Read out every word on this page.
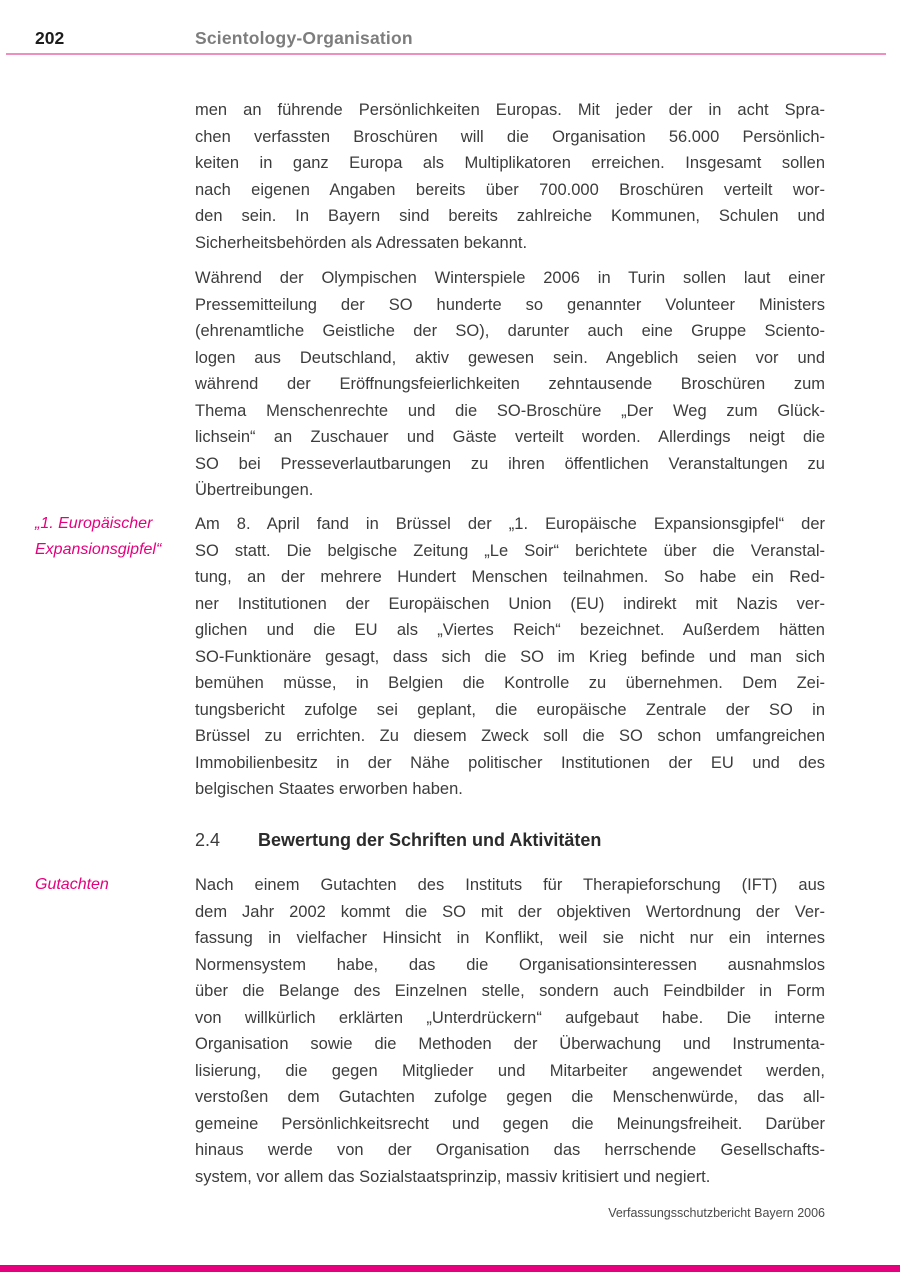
202	Scientology-Organisation
men an führende Persönlichkeiten Europas. Mit jeder der in acht Spra-
chen verfassten Broschüren will die Organisation 56.000 Persönlich-
keiten in ganz Europa als Multiplikatoren erreichen. Insgesamt sollen
nach eigenen Angaben bereits über 700.000 Broschüren verteilt wor-
den sein. In Bayern sind bereits zahlreiche Kommunen, Schulen und
Sicherheitsbehörden als Adressaten bekannt.
Während der Olympischen Winterspiele 2006 in Turin sollen laut einer
Pressemitteilung der SO hunderte so genannter Volunteer Ministers
(ehrenamtliche Geistliche der SO), darunter auch eine Gruppe Sciento-
logen aus Deutschland, aktiv gewesen sein. Angeblich seien vor und
während der Eröffnungsfeierlichkeiten zehntausende Broschüren zum
Thema Menschenrechte und die SO-Broschüre „Der Weg zum Glück-
lichsein“ an Zuschauer und Gäste verteilt worden. Allerdings neigt die
SO bei Presseverlautbarungen zu ihren öffentlichen Veranstaltungen zu
Übertreibungen.
„1. Europäischer
Expansionsgipfel“
Am 8. April fand in Brüssel der „1. Europäische Expansionsgipfel“ der
SO statt. Die belgische Zeitung „Le Soir“ berichtete über die Veranstal-
tung, an der mehrere Hundert Menschen teilnahmen. So habe ein Red-
ner Institutionen der Europäischen Union (EU) indirekt mit Nazis ver-
glichen und die EU als „Viertes Reich“ bezeichnet. Außerdem hätten
SO-Funktionäre gesagt, dass sich die SO im Krieg befinde und man sich
bemühen müsse, in Belgien die Kontrolle zu übernehmen. Dem Zei-
tungsbericht zufolge sei geplant, die europäische Zentrale der SO in
Brüssel zu errichten. Zu diesem Zweck soll die SO schon umfangreichen
Immobilienbesitz in der Nähe politischer Institutionen der EU und des
belgischen Staates erworben haben.
2.4	Bewertung der Schriften und Aktivitäten
Gutachten	Nach einem Gutachten des Instituts für Therapieforschung (IFT) aus
dem Jahr 2002 kommt die SO mit der objektiven Wertordnung der Ver-
fassung in vielfacher Hinsicht in Konflikt, weil sie nicht nur ein internes
Normensystem habe, das die Organisationsinteressen ausnahmslos
über die Belange des Einzelnen stelle, sondern auch Feindbilder in Form
von willkürlich erklärten „Unterdrückern“ aufgebaut habe. Die interne
Organisation sowie die Methoden der Überwachung und Instrumenta-
lisierung, die gegen Mitglieder und Mitarbeiter angewendet werden,
verstoßen dem Gutachten zufolge gegen die Menschenwürde, das all-
gemeine Persönlichkeitsrecht und gegen die Meinungsfreiheit. Darüber
hinaus werde von der Organisation das herrschende Gesellschafts-
system, vor allem das Sozialstaatsprinzip, massiv kritisiert und negiert.
Verfassungsschutzbericht Bayern 2006
